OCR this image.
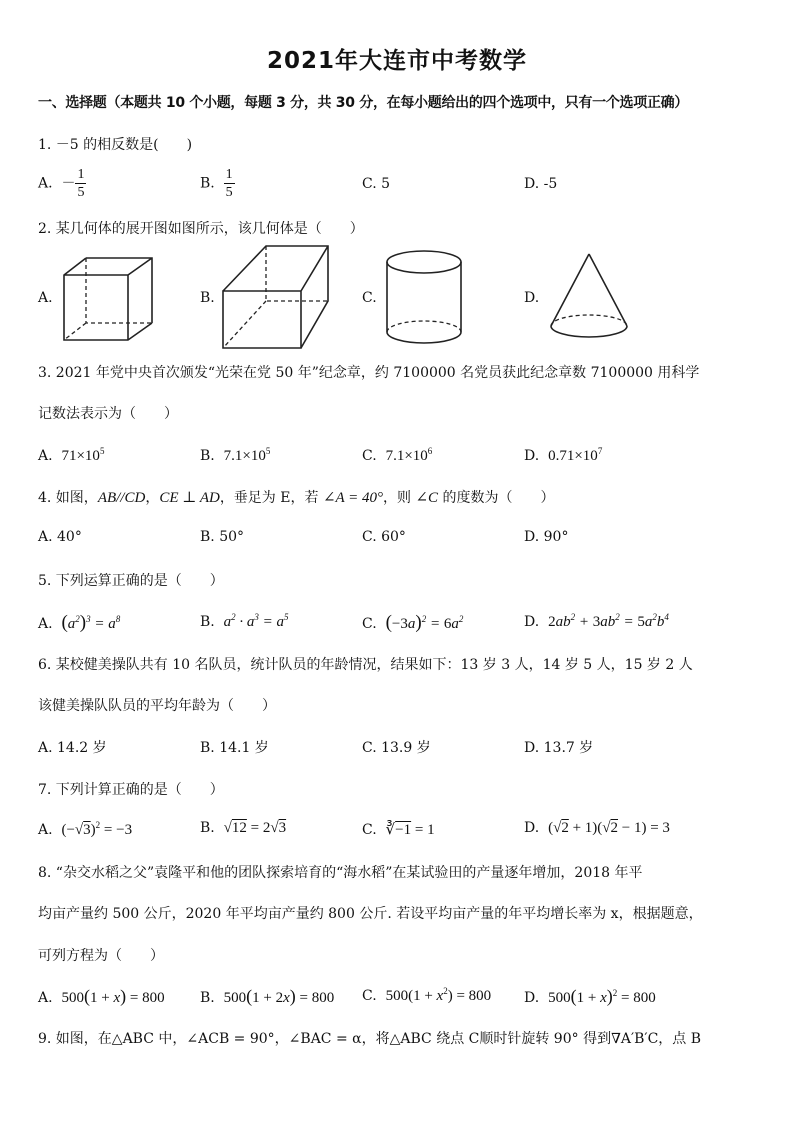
2021年大连市中考数学
一、选择题（本题共 10 个小题，每题 3 分，共 30 分，在每小题给出的四个选项中，只有一个选项正确）
1. －5 的相反数是(　　)
A. － $\frac{1}{5}$	B. $\frac{1}{5}$	C. 5	D. -5
2. 某几何体的展开图如图所示，该几何体是（　　）
A.	B.	C.	D.
3. 2021 年党中央首次颁发“光荣在党 50 年”纪念章，约 7100000 名党员获此纪念章数 7100000 用科学
记数法表示为（　　）
A. $71\times 10^5$	B. $7.1\times 10^5$	C. $7.1\times 10^6$	D. $0.71\times 10^7$
4. 如图，AB//CD，CE ⊥ AD，垂足为 E，若 ∠A = 40°，则 ∠C 的度数为（　　）
A. 40°	B. 50°	C. 60°	D. 90°
5. 下列运算正确的是（　　）
A. $(a^2)^3 = a^8$	B. $a^2 \cdot a^3 = a^5$	C. $(-3a)^2 = 6a^2$	D. $2ab^2 + 3ab^2 = 5a^2b^4$
6. 某校健美操队共有 10 名队员，统计队员的年龄情况，结果如下：13 岁 3 人，14 岁 5 人，15 岁 2 人
该健美操队队员的平均年龄为（　　）
A. 14.2 岁	B. 14.1 岁	C. 13.9 岁	D. 13.7 岁
7. 下列计算正确的是（　　）
A. $(-√3)^2 = -3$	B. √12 = 2√3	C. ∛−1 = 1	D. (√2 + 1)(√2 − 1) = 3
8. “杂交水稻之父”袁隆平和他的团队探索培育的“海水稻”在某试验田的产量逐年增加，2018 年平
均亩产量约 500 公斤，2020 年平均亩产量约 800 公斤. 若设平均亩产量的年平均增长率为 x，根据题意，
可列方程为（　　）
A. 500(1 + x) = 800	B. 500(1 + 2x) = 800 C. $500(1 + x^2) = 800$ D. $500(1 + x)^2 = 800$
9. 如图，在△ABC 中，∠ACB = 90°，∠BAC = α，将△ABC 绕点 C顺时针旋转 90° 得到∇A′B′C，点 B
